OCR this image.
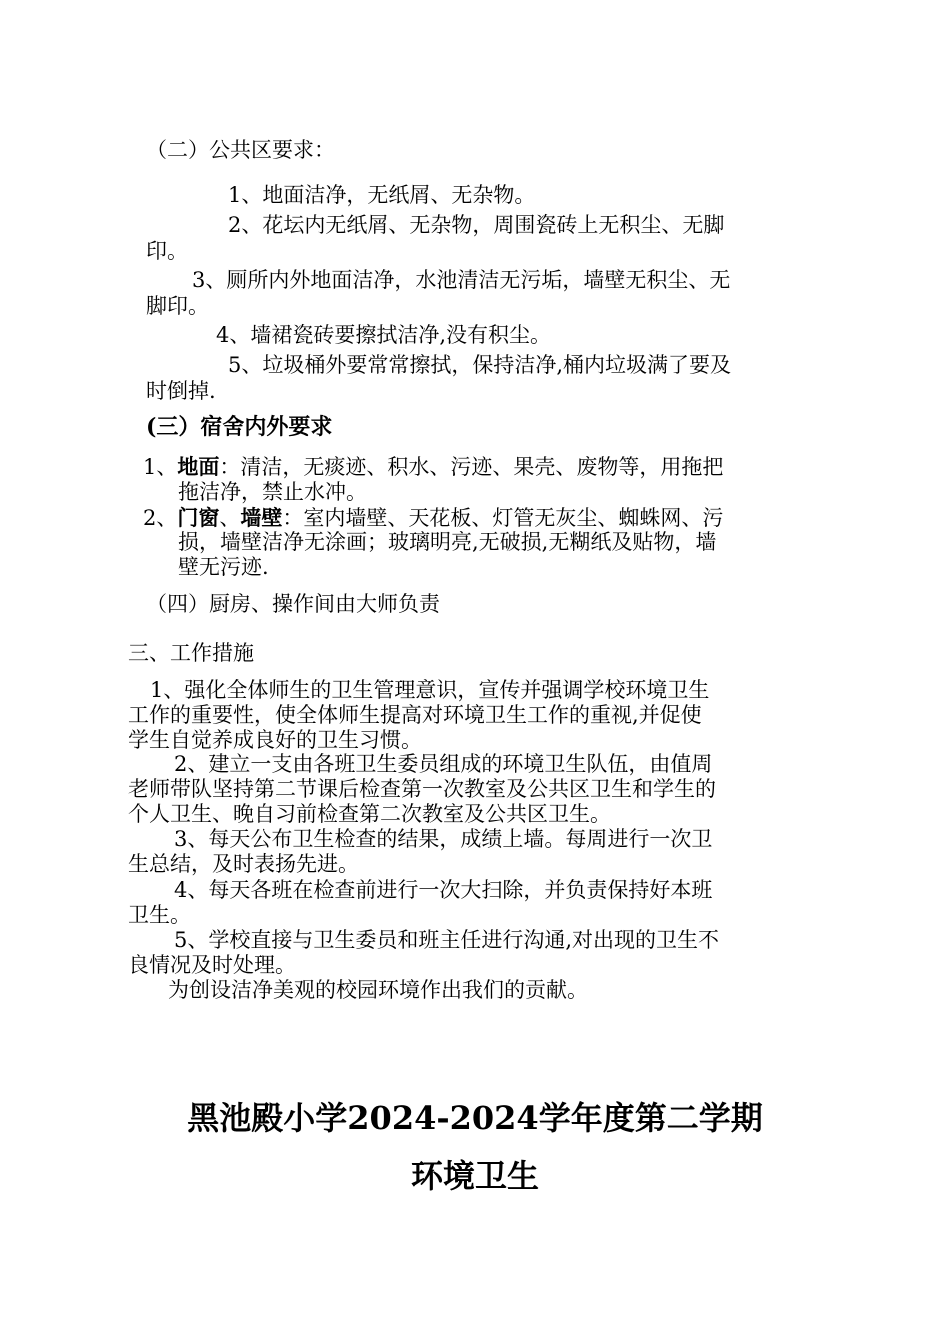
（二）公共区要求：
1、地面洁净，无纸屑、无杂物。
2、花坛内无纸屑、无杂物，周围瓷砖上无积尘、无脚
印。
3、厕所内外地面洁净，水池清洁无污垢，墙壁无积尘、无
脚印。
4、墙裙瓷砖要擦拭洁净,没有积尘。
5、垃圾桶外要常常擦拭，保持洁净,桶内垃圾满了要及
时倒掉.
(三）宿舍内外要求
1、地面：清洁，无痰迹、积水、污迹、果壳、废物等，用拖把
拖洁净，禁止水冲。
2、门窗、墙壁：室内墙壁、天花板、灯管无灰尘、蜘蛛网、污
损，墙壁洁净无涂画；玻璃明亮,无破损,无糊纸及贴物，墙
壁无污迹.
（四）厨房、操作间由大师负责
三、工作措施
1、强化全体师生的卫生管理意识，宣传并强调学校环境卫生
工作的重要性，使全体师生提高对环境卫生工作的重视,并促使
学生自觉养成良好的卫生习惯。
2、建立一支由各班卫生委员组成的环境卫生队伍，由值周
老师带队坚持第二节课后检查第一次教室及公共区卫生和学生的
个人卫生、晚自习前检查第二次教室及公共区卫生。
3、每天公布卫生检查的结果，成绩上墙。每周进行一次卫
生总结，及时表扬先进。
4、每天各班在检查前进行一次大扫除，并负责保持好本班
卫生。
5、学校直接与卫生委员和班主任进行沟通,对出现的卫生不
良情况及时处理。
为创设洁净美观的校园环境作出我们的贡献。
黑池殿小学2024-2024学年度第二学期
环境卫生
